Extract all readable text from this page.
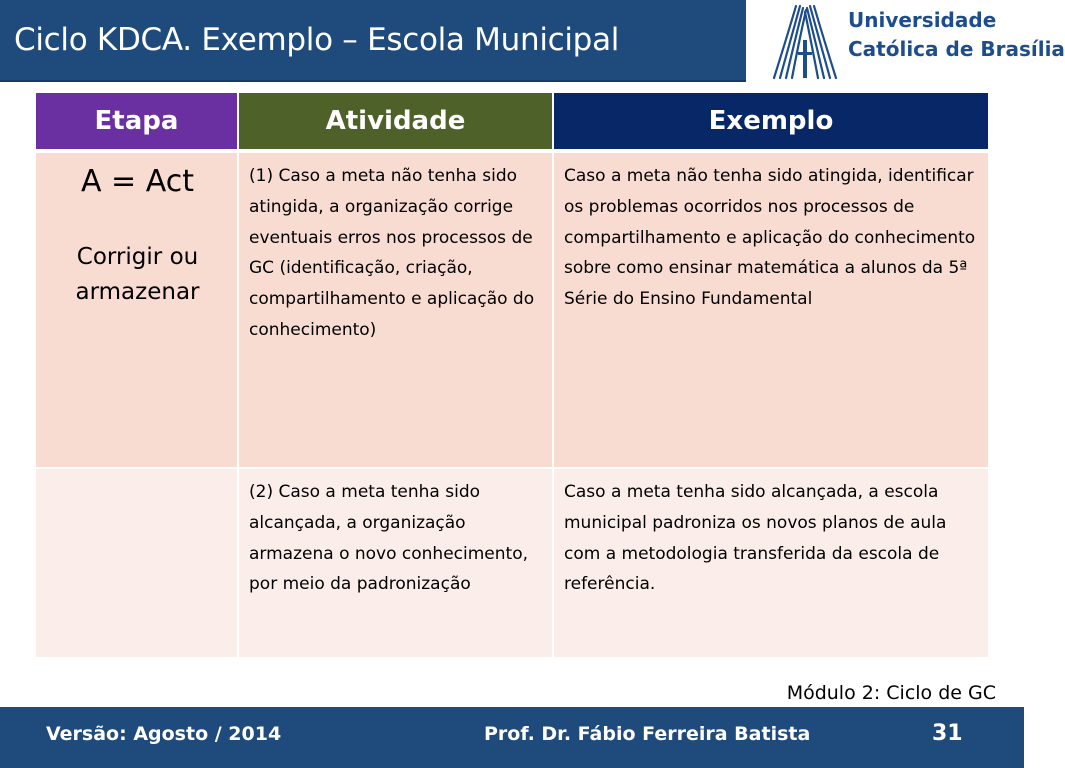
Ciclo KDCA. Exemplo – Escola Municipal
Universidade
Católica de Brasília
Etapa	Atividade	Exemplo

A = Act
Corrigir ou armazenar	(1) Caso a meta não tenha sido atingida, a organização corrige eventuais erros nos processos de GC (identificação, criação, compartilhamento e aplicação do conhecimento)	Caso a meta não tenha sido atingida, identificar os problemas ocorridos nos processos de compartilhamento e aplicação do conhecimento sobre como ensinar matemática a alunos da 5ª Série do Ensino Fundamental
	(2) Caso a meta tenha sido alcançada, a organização armazena o novo conhecimento, por meio da padronização	Caso a meta tenha sido alcançada, a escola municipal padroniza os novos planos de aula com a metodologia transferida da escola de referência.
Módulo 2: Ciclo de GC
Versão: Agosto / 2014	Prof. Dr. Fábio Ferreira Batista	31
